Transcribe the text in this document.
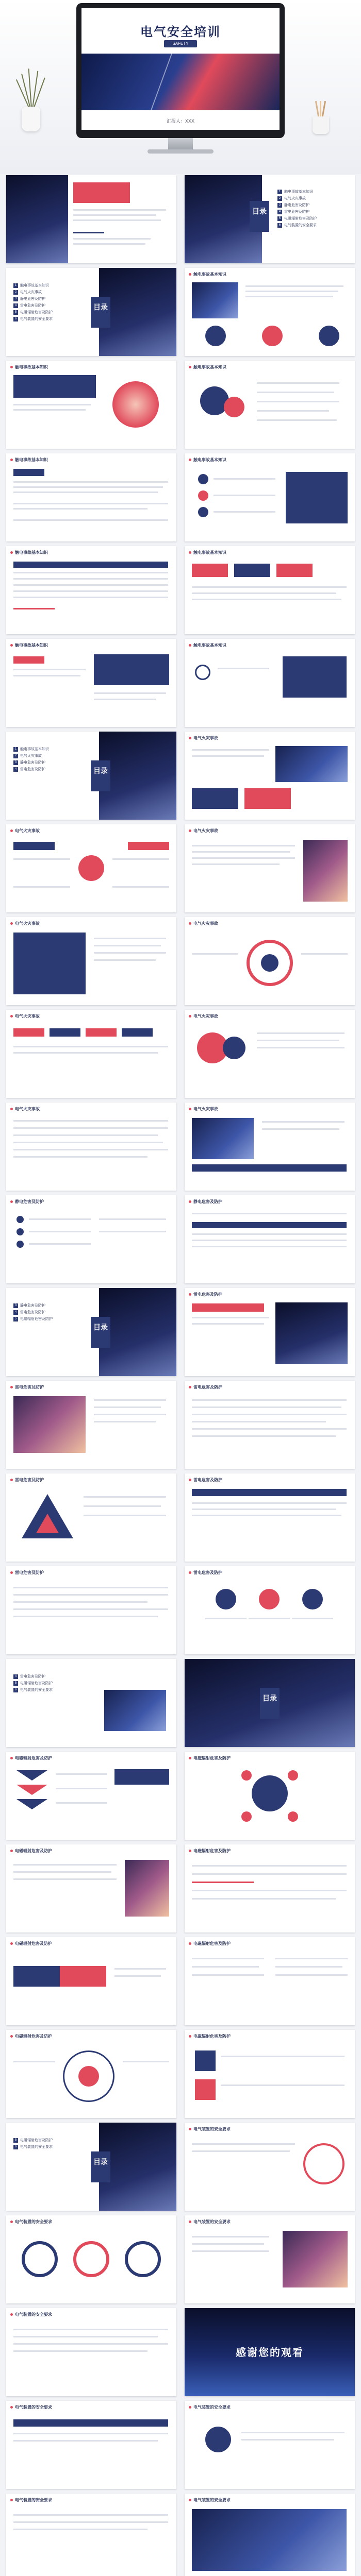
电气安全培训
SAFETY TRAINING
汇报人：XXX
目录
1 触电事故基本知识
2 电气火灾事故
3 静电危害及防护
4 雷电危害及防护
5 电磁辐射危害及防护
6 电气装置的安全要求
1 触电事故基本知识
2 电气火灾事故
3 静电危害及防护
4 雷电危害及防护
5 电磁辐射危害及防护
6 电气装置的安全要求
目录
触电事故基本知识
触电事故基本知识	触电事故基本知识
触电事故基本知识	触电事故基本知识
触电事故基本知识	触电事故基本知识
触电事故基本知识	触电事故基本知识
1 触电事故基本知识
2 电气火灾事故
3 静电危害及防护
4 雷电危害及防护	目录
电气火灾事故
电气火灾事故	电气火灾事故
电气火灾事故	电气火灾事故
电气火灾事故	电气火灾事故
电气火灾事故	电气火灾事故
静电危害及防护	静电危害及防护
3 静电危害及防护
4 雷电危害及防护
5 电磁辐射危害及防护
目录
雷电危害及防护
雷电危害及防护	雷电危害及防护
雷电危害及防护	雷电危害及防护
雷电危害及防护	雷电危害及防护
4 雷电危害及防护
5 电磁辐射危害及防护
6 电气装置的安全要求
目录
电磁辐射危害及防护	电磁辐射危害及防护
电磁辐射危害及防护	电磁辐射危害及防护
电磁辐射危害及防护	电磁辐射危害及防护
电磁辐射危害及防护	电磁辐射危害及防护
5 电磁辐射危害及防护
6 电气装置的安全要求
目录
电气装置的安全要求
电气装置的安全要求	电气装置的安全要求
电气装置的安全要求
感谢您的观看
电气装置的安全要求	电气装置的安全要求
电气装置的安全要求	电气装置的安全要求
